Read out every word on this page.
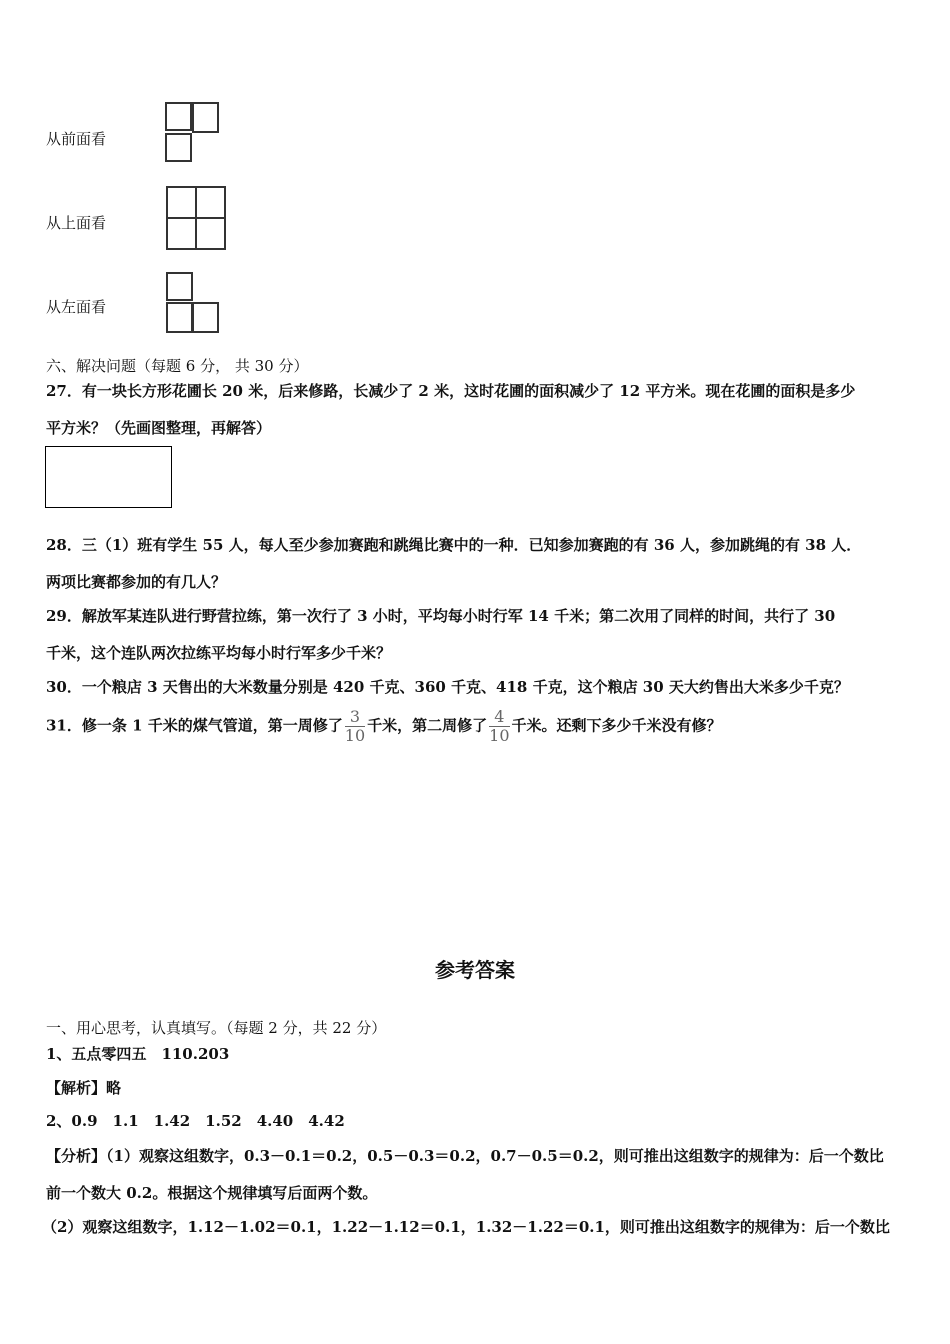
从前面看
从上面看
从左面看
六、解决问题（每题 6 分， 共 30 分）
27．有一块长方形花圃长 20 米，后来修路，长减少了 2 米，这时花圃的面积减少了 12 平方米。现在花圃的面积是多少
平方米？（先画图整理，再解答）
28．三（1）班有学生 55 人，每人至少参加赛跑和跳绳比赛中的一种．已知参加赛跑的有 36 人，参加跳绳的有 38 人．
两项比赛都参加的有几人？
29．解放军某连队进行野营拉练，第一次行了 3 小时，平均每小时行军 14 千米；第二次用了同样的时间，共行了 30
千米，这个连队两次拉练平均每小时行军多少千米？
30．一个粮店 3 天售出的大米数量分别是 420 千克、360 千克、418 千克，这个粮店 30 天大约售出大米多少千克？
31．修一条 1 千米的煤气管道，第一周修了 $\frac{3}{10}$ 千米，第二周修了 $\frac{4}{10}$ 千米。还剩下多少千米没有修？
参考答案
一、用心思考，认真填写。（每题 2 分，共 22 分）
1、五点零四五　110.203
【解析】略
2、0.9　1.1　1.42　1.52　4.40　4.42
【分析】（1）观察这组数字，0.3－0.1＝0.2，0.5－0.3＝0.2，0.7－0.5＝0.2，则可推出这组数字的规律为：后一个数比
前一个数大 0.2。根据这个规律填写后面两个数。
（2）观察这组数字，1.12－1.02＝0.1，1.22－1.12＝0.1，1.32－1.22＝0.1，则可推出这组数字的规律为：后一个数比
